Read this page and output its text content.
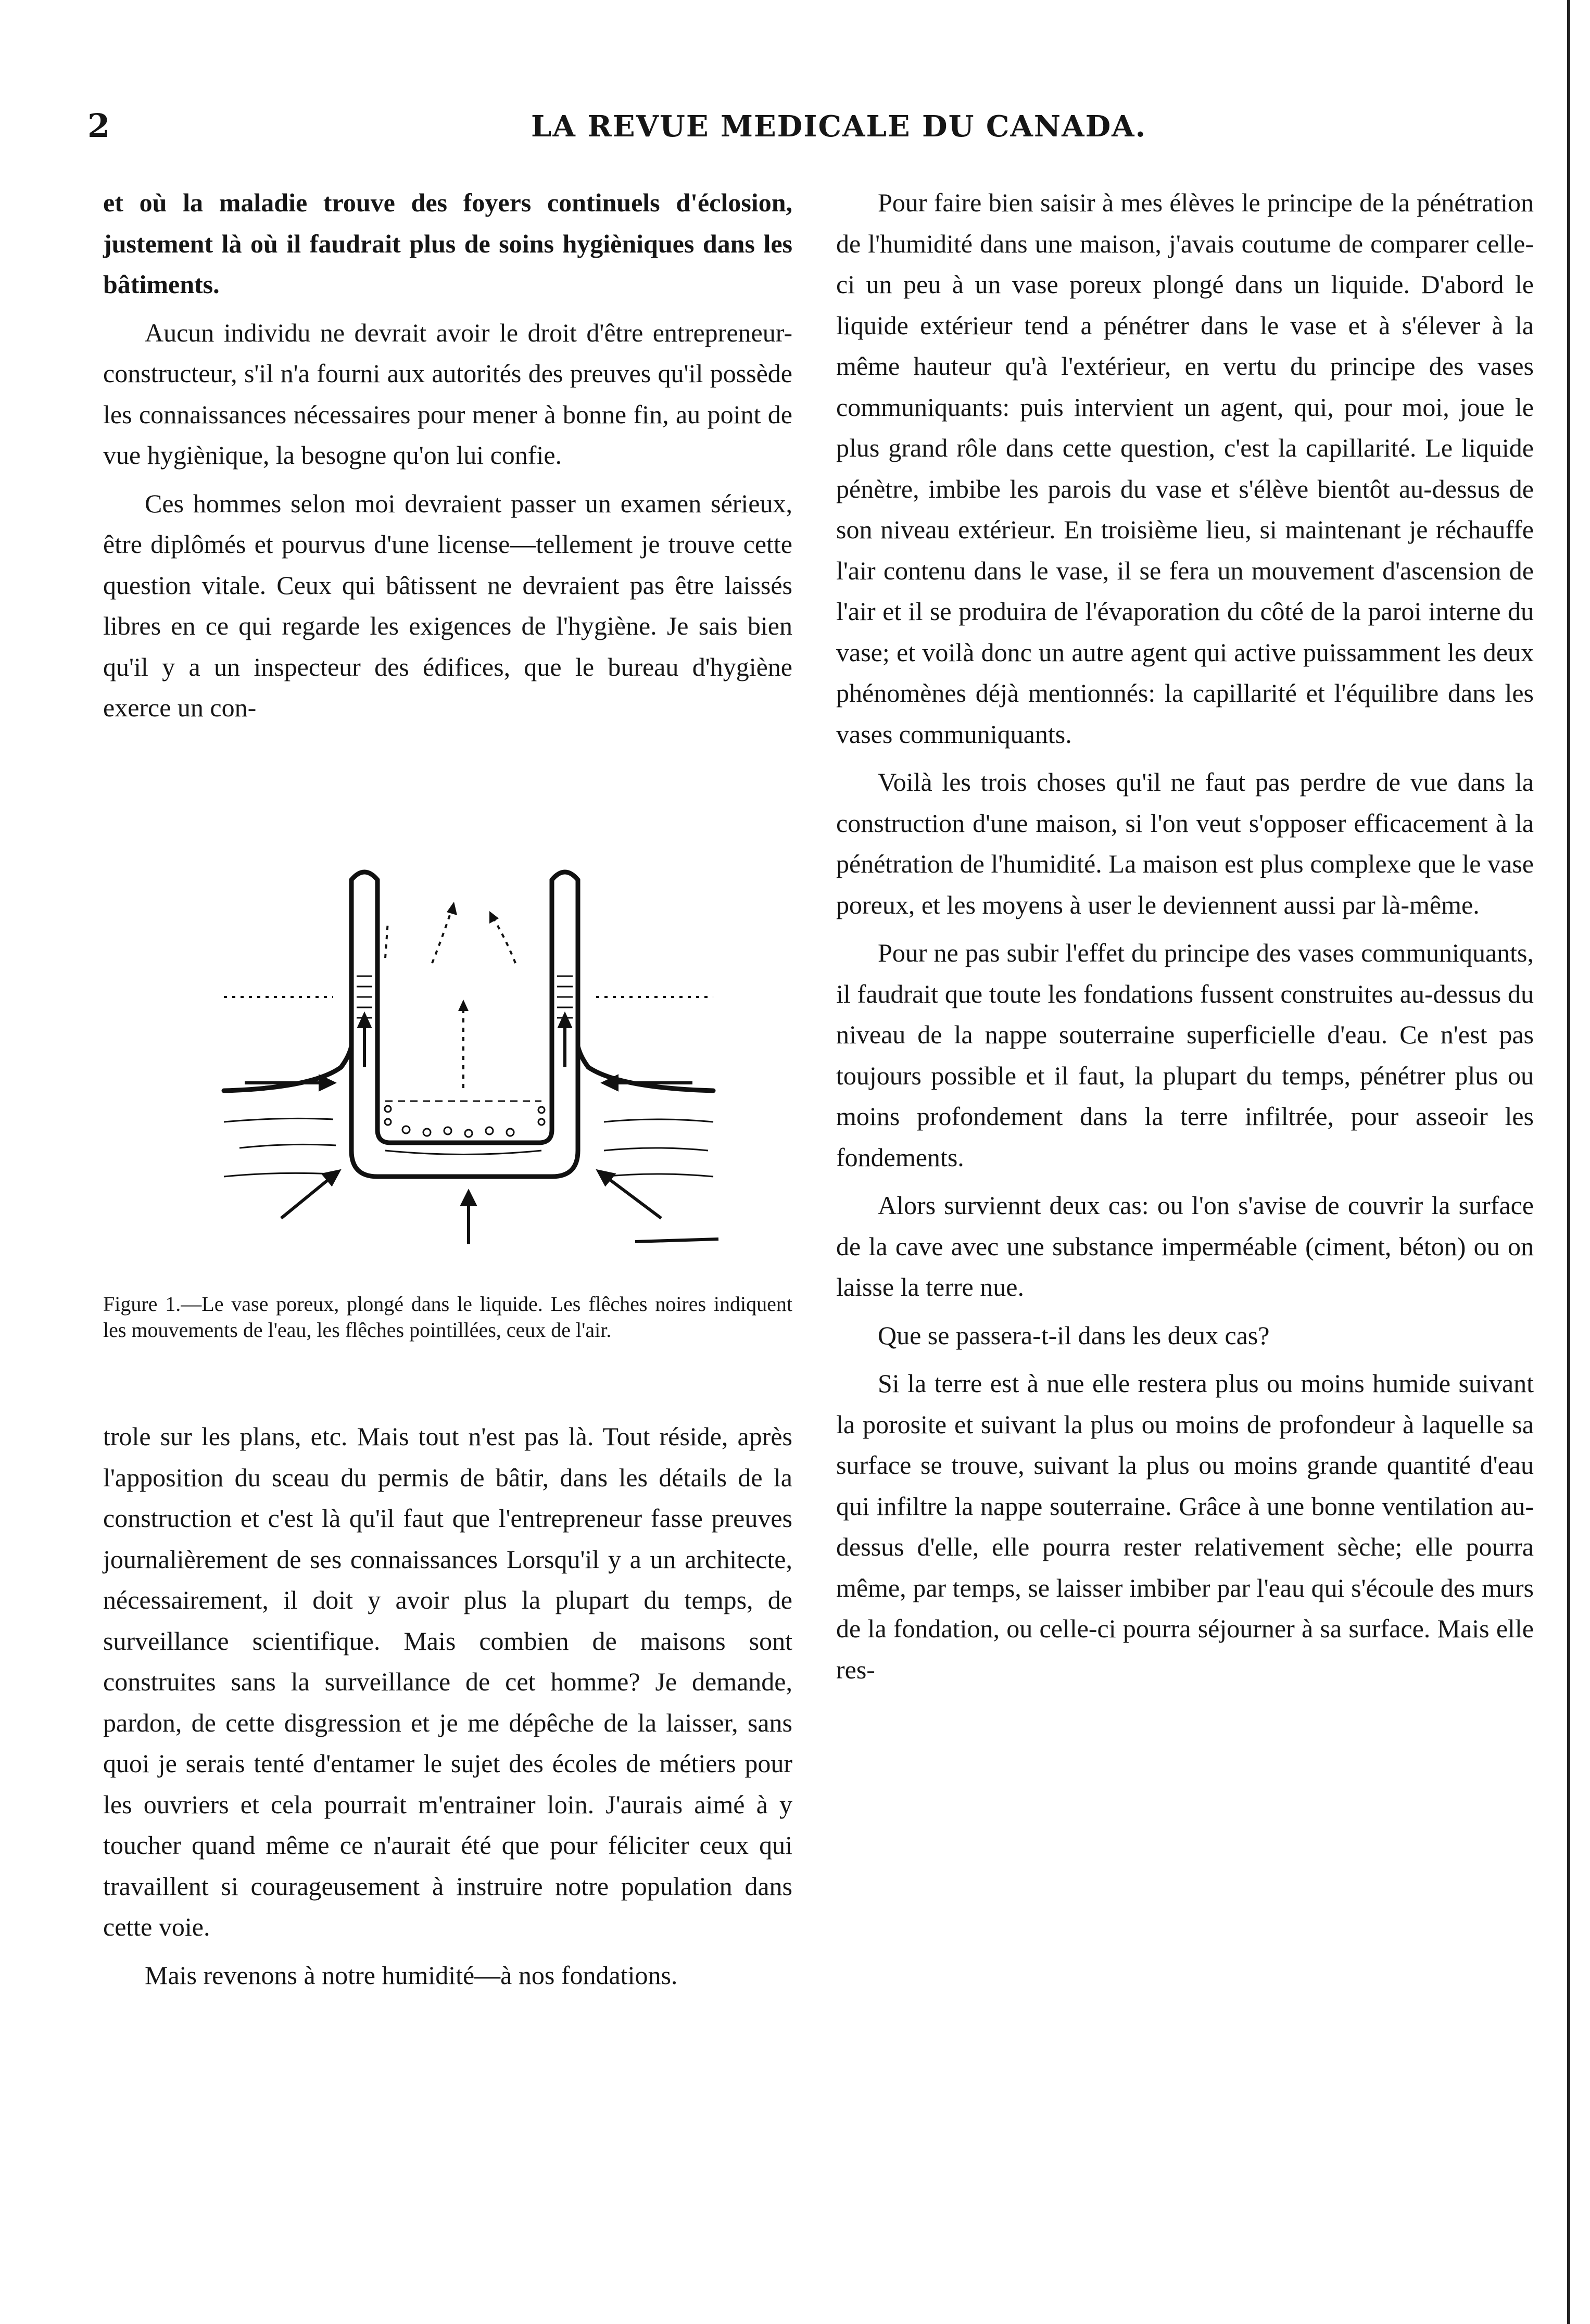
2	LA REVUE MEDICALE DU CANADA.

et où la maladie trouve des foyers continuels d'éclosion, justement là où il faudrait plus de soins hygièniques dans les bâtiments.

Aucun individu ne devrait avoir le droit d'être entrepreneur-constructeur, s'il n'a fourni aux autorités des preuves qu'il possède les connaissances nécessaires pour mener à bonne fin, au point de vue hygiènique, la besogne qu'on lui confie.

Ces hommes selon moi devraient passer un examen sérieux, être diplômés et pourvus d'une license—tellement je trouve cette question vitale. Ceux qui bâtissent ne devraient pas être laissés libres en ce qui regarde les exigences de l'hygiène. Je sais bien qu'il y a un inspecteur des édifices, que le bureau d'hygiène exerce un con-

Figure 1.—Le vase poreux, plongé dans le liquide. Les flêches noires indiquent les mouvements de l'eau, les flêches pointillées, ceux de l'air.

trole sur les plans, etc. Mais tout n'est pas là. Tout réside, après l'apposition du sceau du permis de bâtir, dans les détails de la construction et c'est là qu'il faut que l'entrepreneur fasse preuves journalièrement de ses connaissances Lorsqu'il y a un architecte, nécessairement, il doit y avoir plus la plupart du temps, de surveillance scientifique. Mais combien de maisons sont construites sans la surveillance de cet homme? Je demande, pardon, de cette disgression et je me dépêche de la laisser, sans quoi je serais tenté d'entamer le sujet des écoles de métiers pour les ouvriers et cela pourrait m'entrainer loin. J'aurais aimé à y toucher quand même ce n'aurait été que pour féliciter ceux qui travaillent si courageusement à instruire notre population dans cette voie.

Mais revenons à notre humidité—à nos fondations.

Pour faire bien saisir à mes élèves le principe de la pénétration de l'humidité dans une maison, j'avais coutume de comparer celle-ci un peu à un vase poreux plongé dans un liquide. D'abord le liquide extérieur tend a pénétrer dans le vase et à s'élever à la même hauteur qu'à l'extérieur, en vertu du principe des vases communiquants: puis intervient un agent, qui, pour moi, joue le plus grand rôle dans cette question, c'est la capillarité. Le liquide pénètre, imbibe les parois du vase et s'élève bientôt au-dessus de son niveau extérieur. En troisième lieu, si maintenant je réchauffe l'air contenu dans le vase, il se fera un mouvement d'ascension de l'air et il se produira de l'évaporation du côté de la paroi interne du vase; et voilà donc un autre agent qui active puissamment les deux phénomènes déjà mentionnés: la capillarité et l'équilibre dans les vases communiquants.

Voilà les trois choses qu'il ne faut pas perdre de vue dans la construction d'une maison, si l'on veut s'opposer efficacement à la pénétration de l'humidité. La maison est plus complexe que le vase poreux, et les moyens à user le deviennent aussi par là-même.

Pour ne pas subir l'effet du principe des vases communiquants, il faudrait que toute les fondations fussent construites au-dessus du niveau de la nappe souterraine superficielle d'eau. Ce n'est pas toujours possible et il faut, la plupart du temps, pénétrer plus ou moins profondement dans la terre infiltrée, pour asseoir les fondements.

Alors surviennt deux cas: ou l'on s'avise de couvrir la surface de la cave avec une substance imperméable (ciment, béton) ou on laisse la terre nue.

Que se passera-t-il dans les deux cas?

Si la terre est à nue elle restera plus ou moins humide suivant la porosite et suivant la plus ou moins de profondeur à laquelle sa surface se trouve, suivant la plus ou moins grande quantité d'eau qui infiltre la nappe souterraine. Grâce à une bonne ventilation au-dessus d'elle, elle pourra rester relativement sèche; elle pourra même, par temps, se laisser imbiber par l'eau qui s'écoule des murs de la fondation, ou celle-ci pourra séjourner à sa surface. Mais elle res-
